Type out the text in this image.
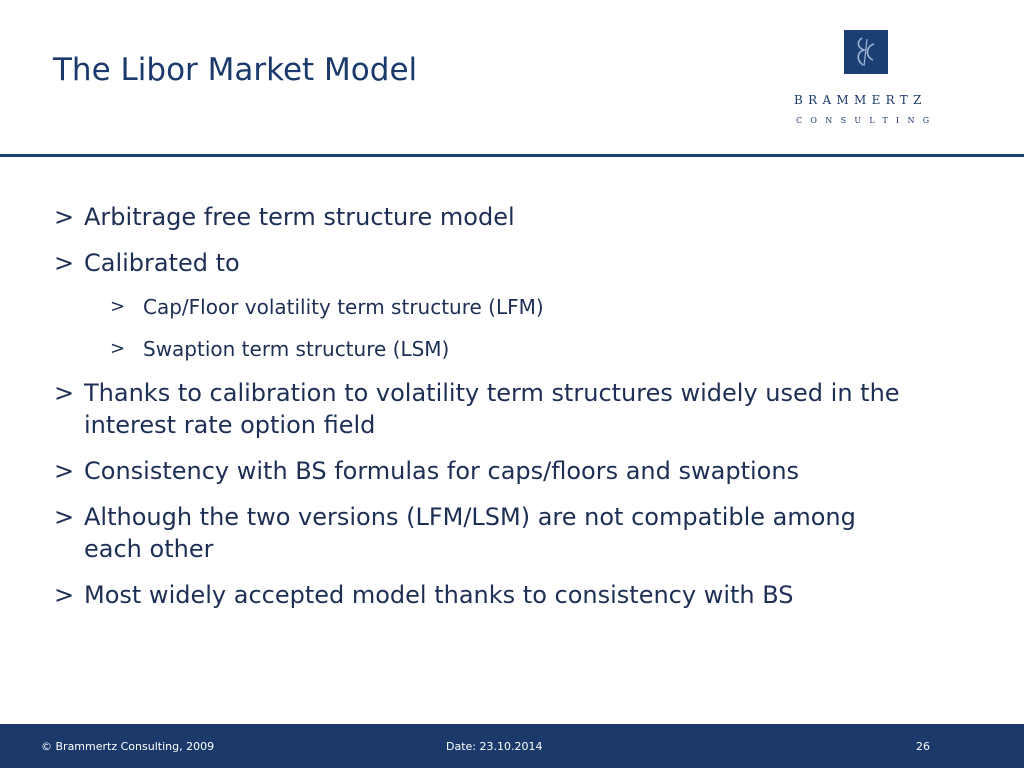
The Libor Market Model
BRAMMERTZ
CONSULTING
> Arbitrage free term structure model
> Calibrated to
> Cap/Floor volatility term structure (LFM)
> Swaption term structure (LSM)
> Thanks to calibration to volatility term structures widely used in the interest rate option field
> Consistency with BS formulas for caps/floors and swaptions
> Although the two versions (LFM/LSM) are not compatible among each other
> Most widely accepted model thanks to consistency with BS
© Brammertz Consulting, 2009	Date: 23.10.2014	26
